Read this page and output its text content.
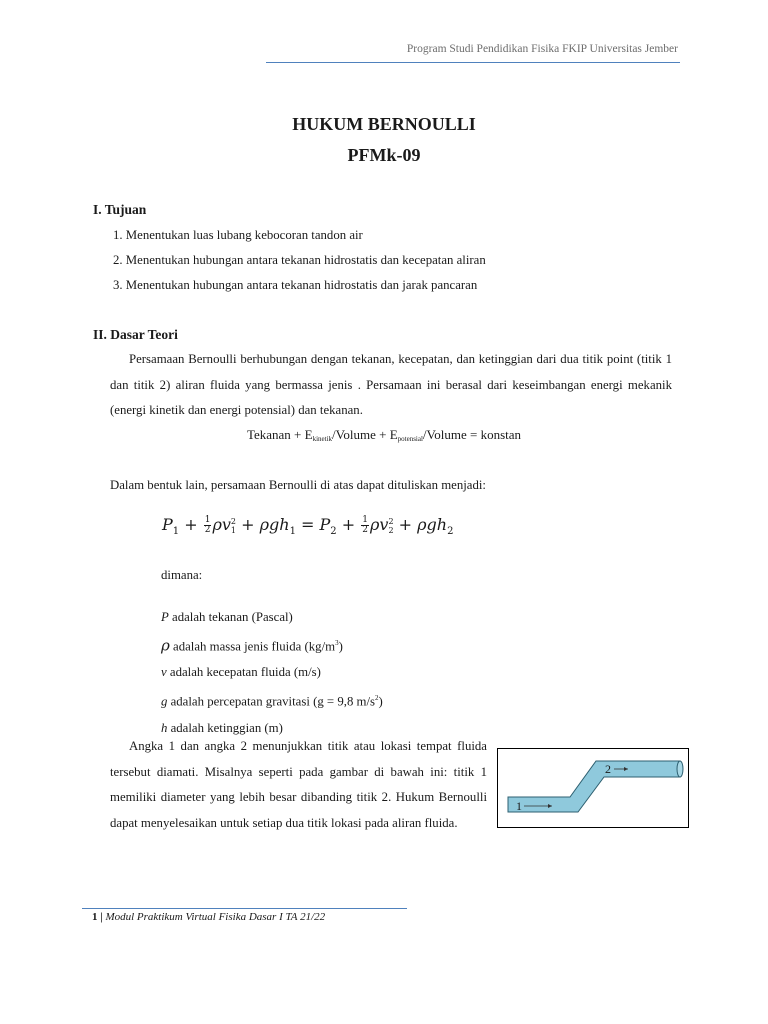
Program Studi Pendidikan Fisika FKIP Universitas Jember
HUKUM BERNOULLI
PFMk-09
I. Tujuan
1. Menentukan luas lubang kebocoran tandon air
2. Menentukan hubungan antara tekanan hidrostatis dan kecepatan aliran
3. Menentukan hubungan antara tekanan hidrostatis dan jarak pancaran
II. Dasar Teori
Persamaan Bernoulli berhubungan dengan tekanan, kecepatan, dan ketinggian dari dua titik point (titik 1 dan titik 2) aliran fluida yang bermassa jenis . Persamaan ini berasal dari keseimbangan energi mekanik (energi kinetik dan energi potensial) dan tekanan.
Tekanan + $E_{kinetik}$/Volume + $E_{potensial}$/Volume = konstan
Dalam bentuk lain, persamaan Bernoulli di atas dapat dituliskan menjadi:
$P_1 + \frac{1}{2}$ ρv 2
$1 + \rho gh_1 = P_2 + \frac{1}{2}$ ρv 2
2 + ρgh$_2$
dimana:
P adalah tekanan (Pascal)
ρ adalah massa jenis fluida $(kg/m^3)$
v adalah kecepatan fluida (m/s)
g adalah percepatan gravitasi (g = 9,8 $m/s^2$)
h adalah ketinggian (m)
Angka 1 dan angka 2 menunjukkan titik atau lokasi tempat fluida tersebut diamati. Misalnya seperti pada gambar di bawah ini: titik 1 memiliki diameter yang lebih besar dibanding titik 2. Hukum Bernoulli dapat menyelesaikan untuk setiap dua titik lokasi pada aliran fluida.
1
2
1 | Modul Praktikum Virtual Fisika Dasar I TA 21/22
